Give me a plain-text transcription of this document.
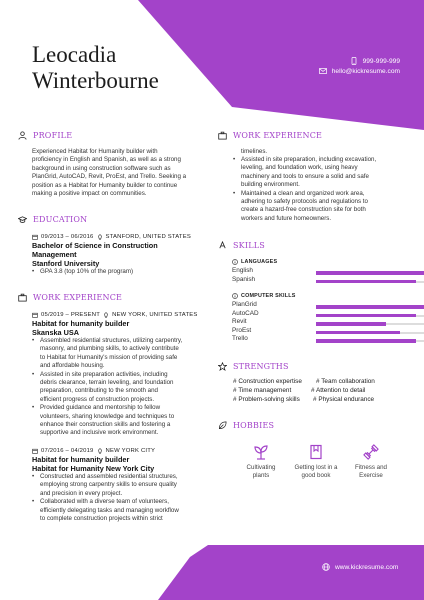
Leocadia
Winterbourne
999-999-999
hello@kickresume.com
PROFILE
Experienced Habitat for Humanity builder with
proficiency in English and Spanish, as well as a strong
background in using construction software such as
PlanGrid, AutoCAD, Revit, ProEst, and Trello. Seeking a
position as a Habitat for Humanity builder to continue
making a positive impact on communities.
EDUCATION
09/2013 – 06/2016 STANFORD, UNITED STATES
Bachelor of Science in Construction
Management
Stanford University
• GPA 3.8 (top 10% of the program)
WORK EXPERIENCE
05/2019 – PRESENT NEW YORK, UNITED STATES
Habitat for humanity builder
Skanska USA
• Assembled residential structures, utilizing carpentry,
masonry, and plumbing skills, to actively contribute
to Habitat for Humanity's mission of providing safe
and affordable housing.
• Assisted in site preparation activities, including
debris clearance, terrain leveling, and foundation
preparation, contributing to the smooth and
efficient progress of construction projects.
• Provided guidance and mentorship to fellow
volunteers, sharing knowledge and techniques to
enhance their construction skills and fostering a
supportive and inclusive work environment.
07/2016 – 04/2019 NEW YORK CITY
Habitat for humanity builder
Habitat for Humanity New York City
• Constructed and assembled residential structures,
employing strong carpentry skills to ensure quality
and precision in every project.
• Collaborated with a diverse team of volunteers,
efficiently delegating tasks and managing workflow
to complete construction projects within strict
WORK EXPERIENCE
timelines.
• Assisted in site preparation, including excavation,
leveling, and foundation work, using heavy
machinery and tools to ensure a solid and safe
building environment.
• Maintained a clean and organized work area,
adhering to safety protocols and regulations to
create a hazard-free construction site for both
workers and future homeowners.
SKILLS
LANGUAGES
English
Spanish
COMPUTER SKILLS
PlanGrid
AutoCAD
Revit
ProEst
Trello
STRENGTHS
# Construction expertise # Team collaboration
# Time management	# Attention to detail
# Problem-solving skills # Physical endurance
HOBBIES
Cultivating
plants
Getting lost in a
good book
Fitness and
Exercise
www.kickresume.com
